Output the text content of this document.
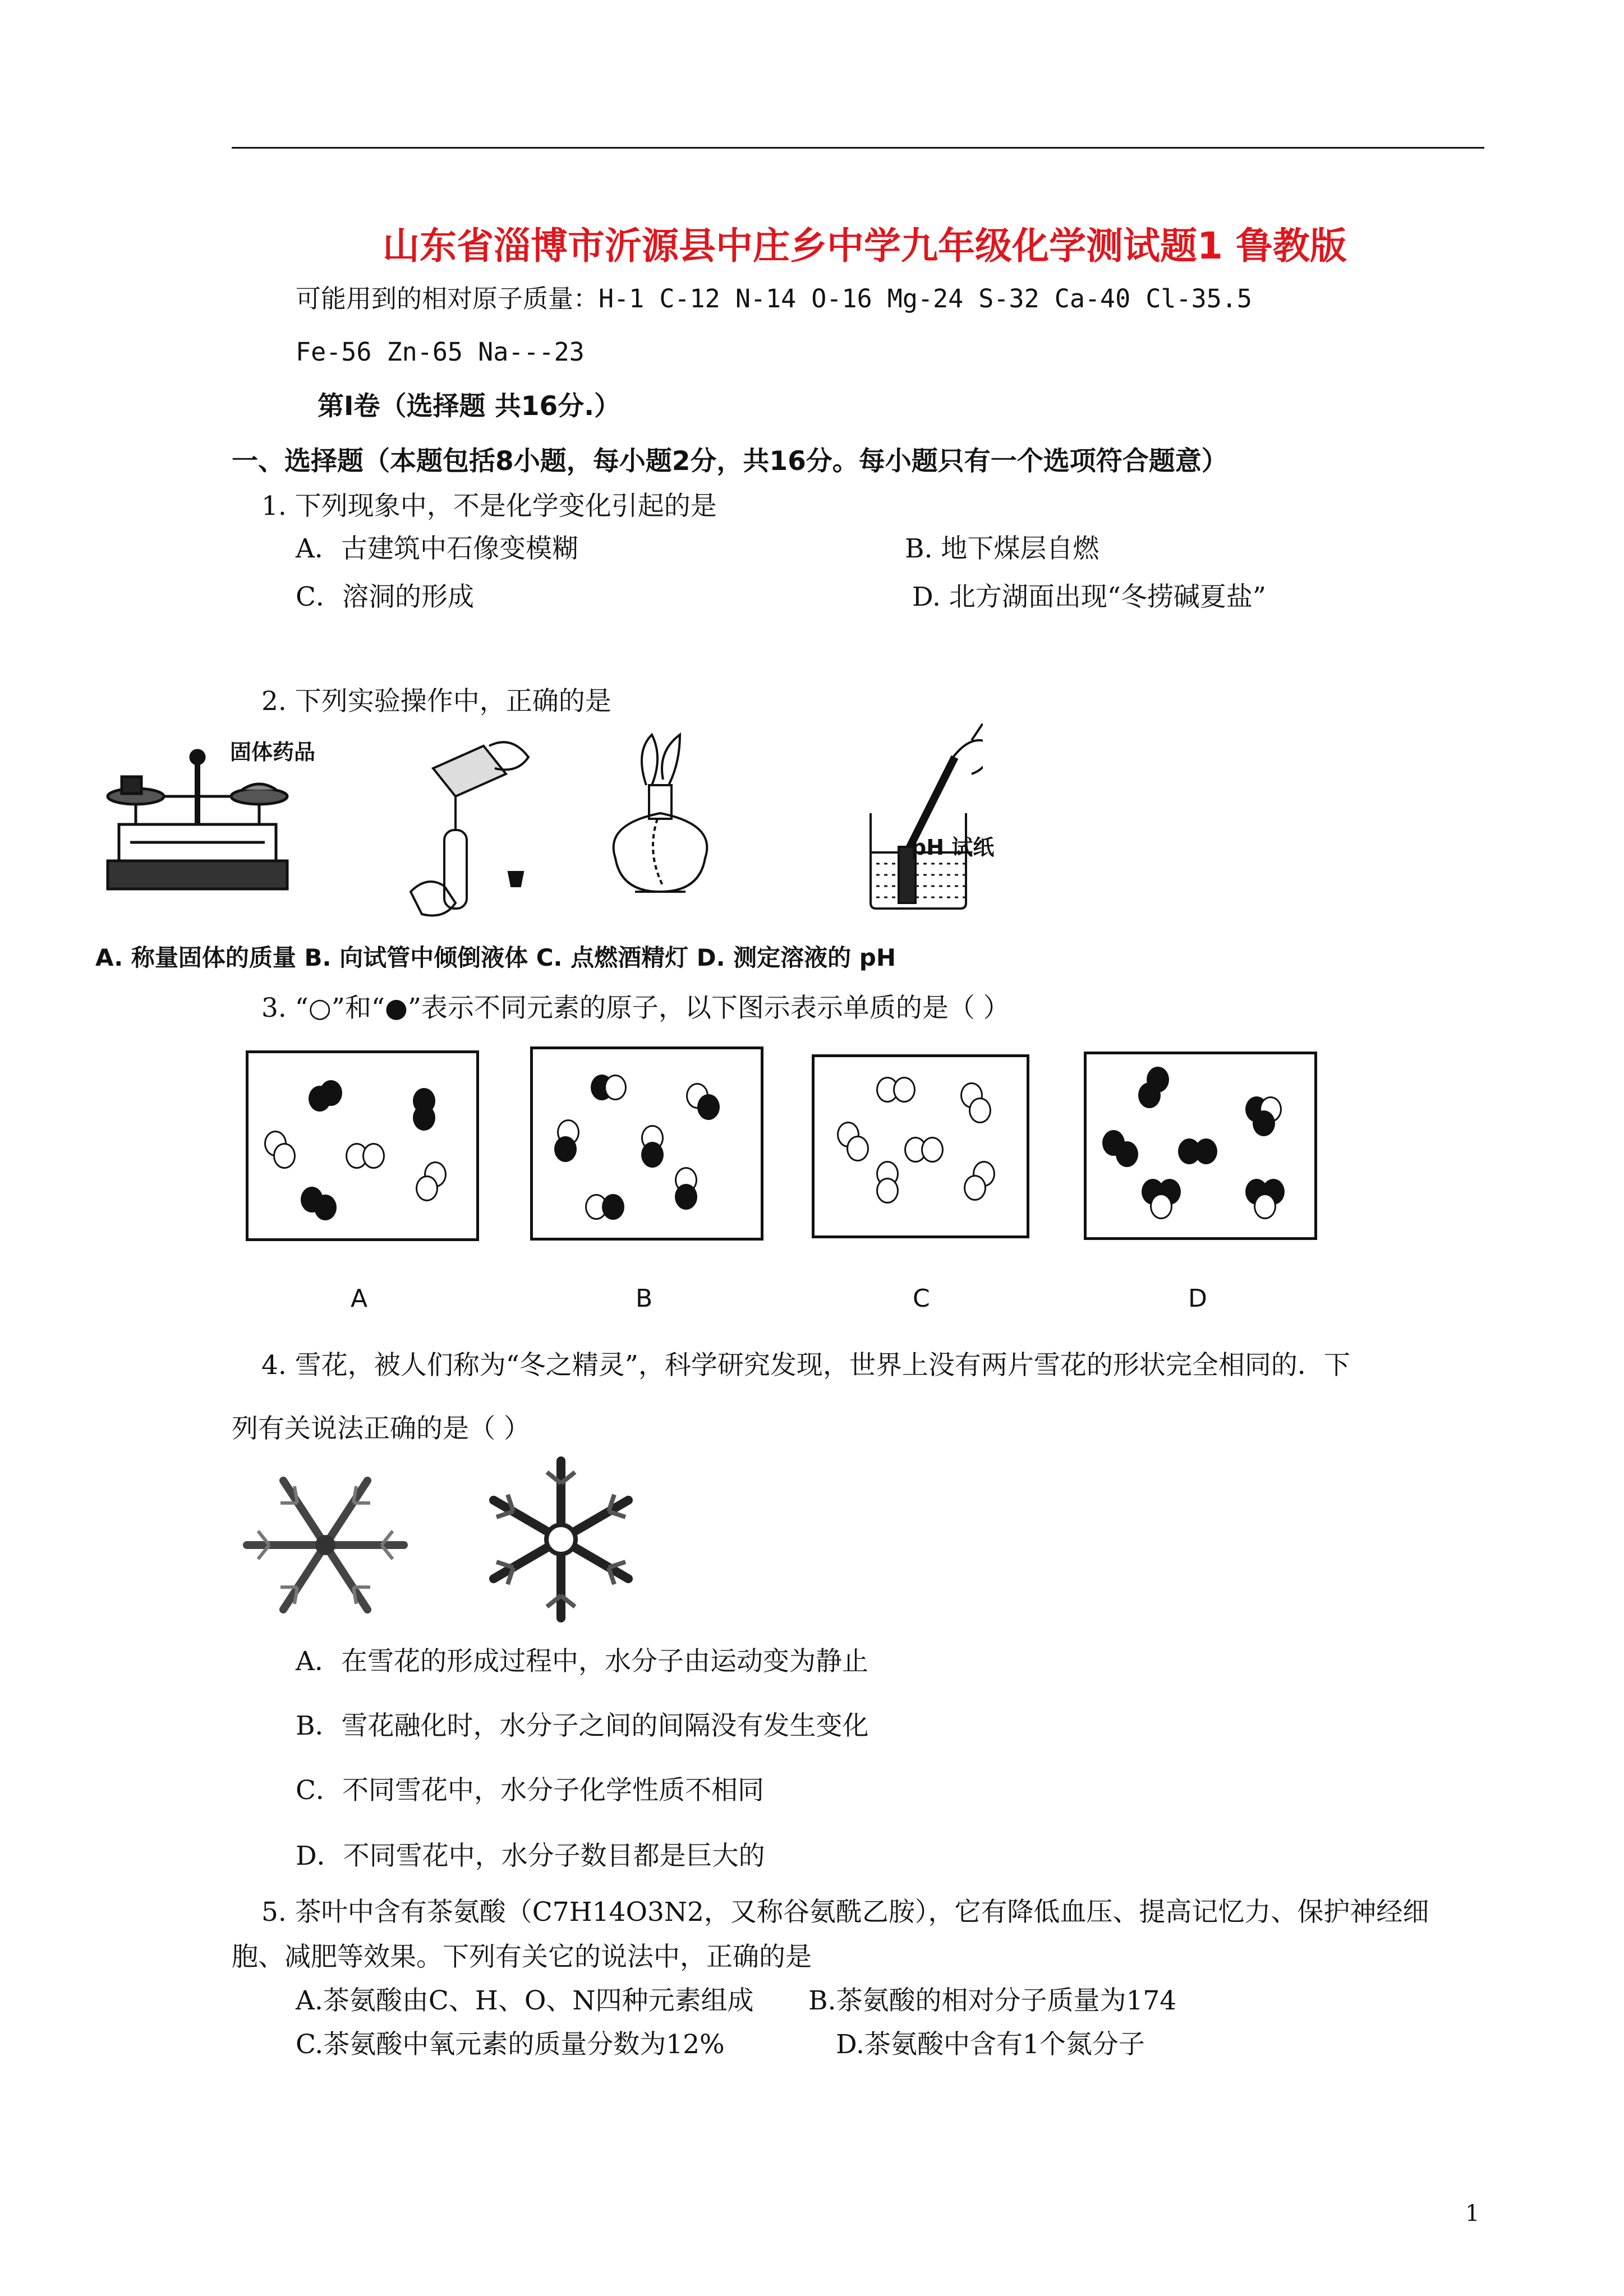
山东省淄博市沂源县中庄乡中学九年级化学测试题1 鲁教版
可能用到的相对原子质量：H-1 C-12 N-14 O-16 Mg-24 S-32 Ca-40 Cl-35.5
Fe-56 Zn-65 Na---23
第Ⅰ卷（选择题 共16分.）
一、选择题（本题包括8小题，每小题2分，共16分。每小题只有一个选项符合题意）
1. 下列现象中，不是化学变化引起的是
A．古建筑中石像变模糊	B. 地下煤层自燃
C．溶洞的形成	D. 北方湖面出现“冬捞碱夏盐”
2. 下列实验操作中，正确的是
固体药品
pH 试纸
A. 称量固体的质量 B. 向试管中倾倒液体 C. 点燃酒精灯 D. 测定溶液的 pH
3. “○”和“●”表示不同元素的原子，以下图示表示单质的是（ ）
A	B	C	D
4. 雪花，被人们称为“冬之精灵”，科学研究发现，世界上没有两片雪花的形状完全相同的．下
列有关说法正确的是（ ）
A．在雪花的形成过程中，水分子由运动变为静止
B．雪花融化时，水分子之间的间隔没有发生变化
C．不同雪花中，水分子化学性质不相同
D．不同雪花中，水分子数目都是巨大的
5. 茶叶中含有茶氨酸（C7H14O3N2，又称谷氨酰乙胺），它有降低血压、提高记忆力、保护神经细
胞、减肥等效果。下列有关它的说法中，正确的是
A.茶氨酸由C、H、O、N四种元素组成 B.茶氨酸的相对分子质量为174
C.茶氨酸中氧元素的质量分数为12%	D.茶氨酸中含有1个氮分子
1
